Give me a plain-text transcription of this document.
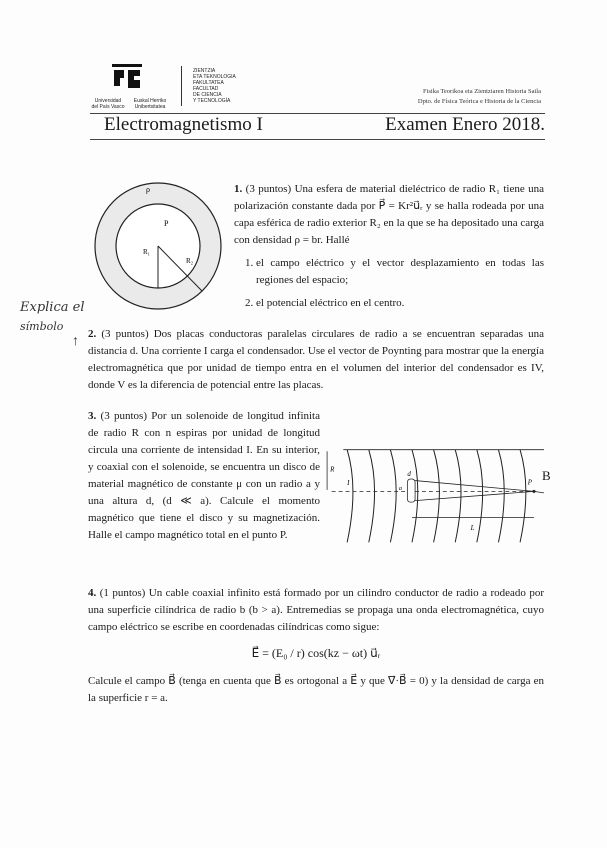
Universidad
del País Vasco
Euskal Herriko
Unibertsitatea
ZIENTZIA
ETA TEKNOLOGIA
FAKULTATEA
FACULTAD
DE CIENCIA
Y TECNOLOGÍA
Fisika Teorikoa eta Zientziaren Historia Saila
Dpto. de Física Teórica e Historia de la Ciencia
Electromagnetismo I	Examen Enero 2018.
Explica el
símbolo
↑
ρ
P
R₁
R₂
1. (3 puntos) Una esfera de material dieléctrico de radio R₁ tiene una polarización constante dada por P⃗ = Kr²u⃗ᵣ y se halla rodeada por una capa esférica de radio exterior R₂ en la que se ha depositado una carga con densidad ρ = br. Hallé
1. el campo eléctrico y el vector desplazamiento en todas las regiones del espacio;
2. el potencial eléctrico en el centro.
2. (3 puntos) Dos placas conductoras paralelas circulares de radio a se encuentran separadas una distancia d. Una corriente I carga el condensador. Use el vector de Poynting para mostrar que la energía electromagnética que por unidad de tiempo entra en el volumen del interior del condensador es IV, donde V es la diferencia de potencial entre las placas.
3. (3 puntos) Por un solenoide de longitud infinita de radio R con n espiras por unidad de longitud circula una corriente de intensidad I. En su interior, y coaxial con el solenoide, se encuentra un disco de material magnético de constante μ con un radio a y una altura d, (d ≪ a). Calcule el momento magnético que tiene el disco y su magnetización. Halle el campo magnético total en el punto P.
R
I
d
a
P
L
B
4. (1 puntos) Un cable coaxial infinito está formado por un cilindro conductor de radio a rodeado por una superficie cilíndrica de radio b (b > a). Entremedias se propaga una onda electromagnética, cuyo campo eléctrico se escribe en coordenadas cilíndricas como sigue:
E⃗ = (E₀ / r) cos(kz − ωt) u⃗ᵣ
Calcule el campo B⃗ (tenga en cuenta que B⃗ es ortogonal a E⃗ y que ∇⃗·B⃗ = 0) y la densidad de carga en la superficie r = a.
